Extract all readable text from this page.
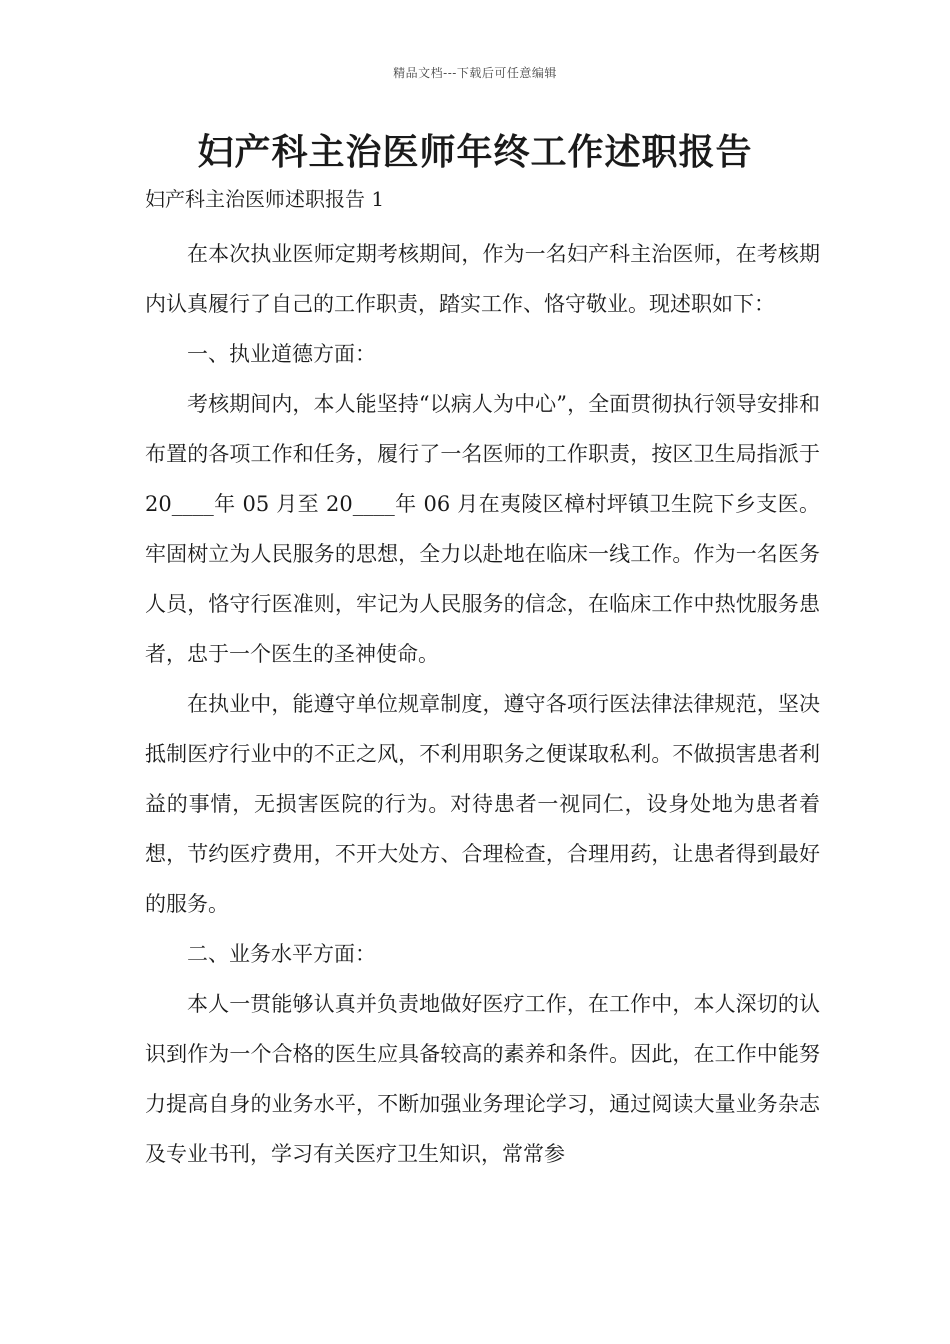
精品文档---下载后可任意编辑
妇产科主治医师年终工作述职报告
妇产科主治医师述职报告 1

在本次执业医师定期考核期间，作为一名妇产科主治医师，在考核期内认真履行了自己的工作职责，踏实工作、恪守敬业。现述职如下：

一、执业道德方面：

考核期间内，本人能坚持“以病人为中心”，全面贯彻执行领导安排和布置的各项工作和任务，履行了一名医师的工作职责，按区卫生局指派于 20____年 05 月至 20____年 06 月在夷陵区樟村坪镇卫生院下乡支医。牢固树立为人民服务的思想，全力以赴地在临床一线工作。作为一名医务人员，恪守行医准则，牢记为人民服务的信念，在临床工作中热忱服务患者，忠于一个医生的圣神使命。

在执业中，能遵守单位规章制度，遵守各项行医法律法律规范，坚决抵制医疗行业中的不正之风，不利用职务之便谋取私利。不做损害患者利益的事情，无损害医院的行为。对待患者一视同仁，设身处地为患者着想，节约医疗费用，不开大处方、合理检查，合理用药，让患者得到最好的服务。

二、业务水平方面：

本人一贯能够认真并负责地做好医疗工作，在工作中，本人深切的认识到作为一个合格的医生应具备较高的素养和条件。因此，在工作中能努力提高自身的业务水平，不断加强业务理论学习，通过阅读大量业务杂志及专业书刊，学习有关医疗卫生知识，常常参
